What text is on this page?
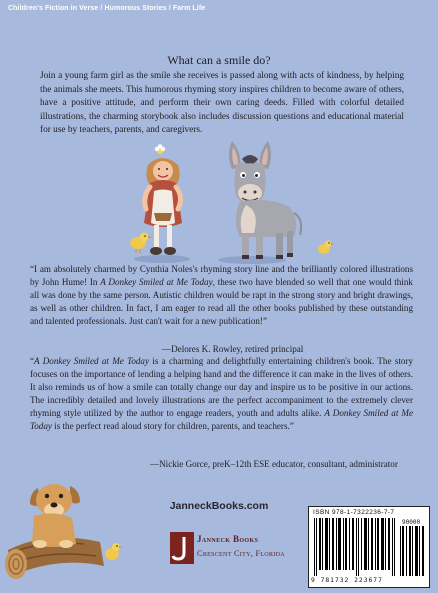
Children's Fiction in Verse / Humorous Stories / Farm Life
What can a smile do?

Join a young farm girl as the smile she receives is passed along with acts of kindness, by helping the animals she meets. This humorous rhyming story inspires children to become aware of others, have a positive attitude, and perform their own caring deeds. Filled with colorful detailed illustrations, the charming storybook also includes discussion questions and educational material for use by teachers, parents, and caregivers.

“I am absolutely charmed by Cynthia Noles's rhyming story line and the brilliantly colored illustrations by John Hume! In A Donkey Smiled at Me Today, these two have blended so well that one would think all was done by the same person. Autistic children would be rapt in the strong story and bright drawings, as well as other children. In fact, I am eager to read all the other books published by these outstanding and talented professionals. Just can't wait for a new publication!”

—Delores K. Rowley, retired principal

“A Donkey Smiled at Me Today is a charming and delightfully entertaining children's book. The story focuses on the importance of lending a helping hand and the difference it can make in the lives of others. It also reminds us of how a smile can totally change our day and inspire us to be positive in our actions. The incredibly detailed and lovely illustrations are the perfect accompaniment to the extremely clever rhyming style utilized by the author to engage readers, youth and adults alike. A Donkey Smiled at Me Today is the perfect read aloud story for children, parents, and teachers.”

—Nickie Gorce, preK–12th ESE educator, consultant, administrator
JanneckBooks.com
Janneck Books
Crescent City, Florida
ISBN 978-1-7322236-7-7
90000
9 781732 223677
